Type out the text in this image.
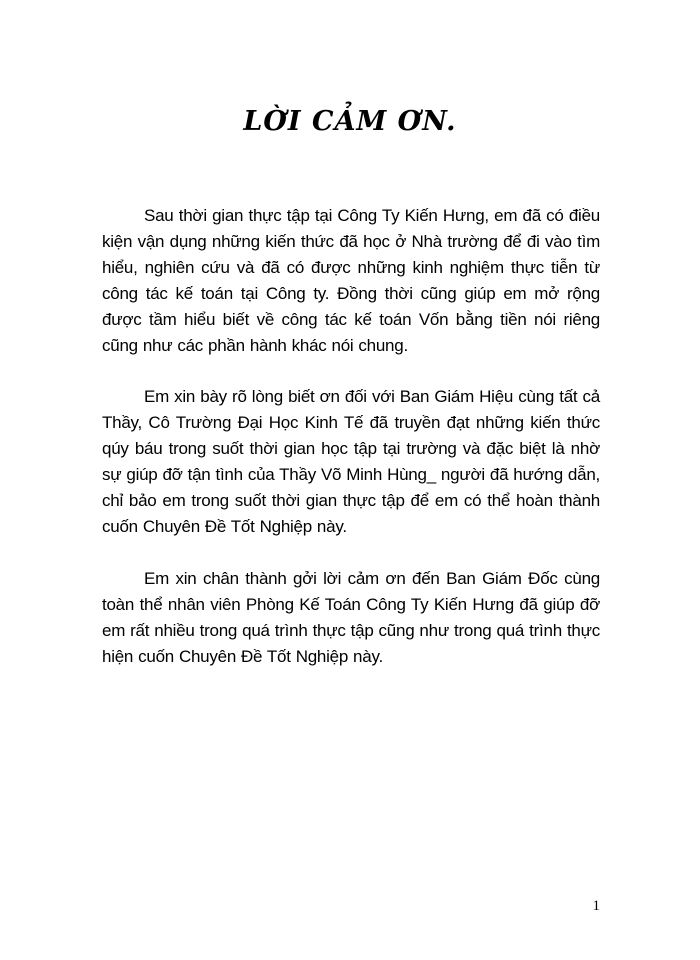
LỜI CẢM ƠN.
Sau thời gian thực tập tại Công Ty Kiến Hưng, em đã có điều kiện vận dụng những kiến thức đã học ở Nhà trường để đi vào tìm hiểu, nghiên cứu và đã có được những kinh nghiệm thực tiễn từ công tác kế toán tại Công ty. Đồng thời cũng giúp em mở rộng được tầm hiểu biết về công tác kế toán Vốn bằng tiền nói riêng cũng như các phần hành khác nói chung.
Em xin bày rõ lòng biết ơn đối với Ban Giám Hiệu cùng tất cả Thầy, Cô Trường Đại Học Kinh Tế đã truyền đạt những kiến thức qúy báu trong suốt thời gian học tập tại trường và đặc biệt là nhờ sự giúp đỡ tận tình của Thầy Võ Minh Hùng_ người đã hướng dẫn, chỉ bảo em trong suốt thời gian thực tập để em có thể hoàn thành cuốn Chuyên Đề Tốt Nghiệp này.
Em xin chân thành gởi lời cảm ơn đến Ban Giám Đốc cùng toàn thể nhân viên Phòng Kế Toán Công Ty Kiến Hưng đã giúp đỡ em rất nhiều trong quá trình thực tập cũng như trong quá trình thực hiện cuốn Chuyên Đề Tốt Nghiệp này.
1
